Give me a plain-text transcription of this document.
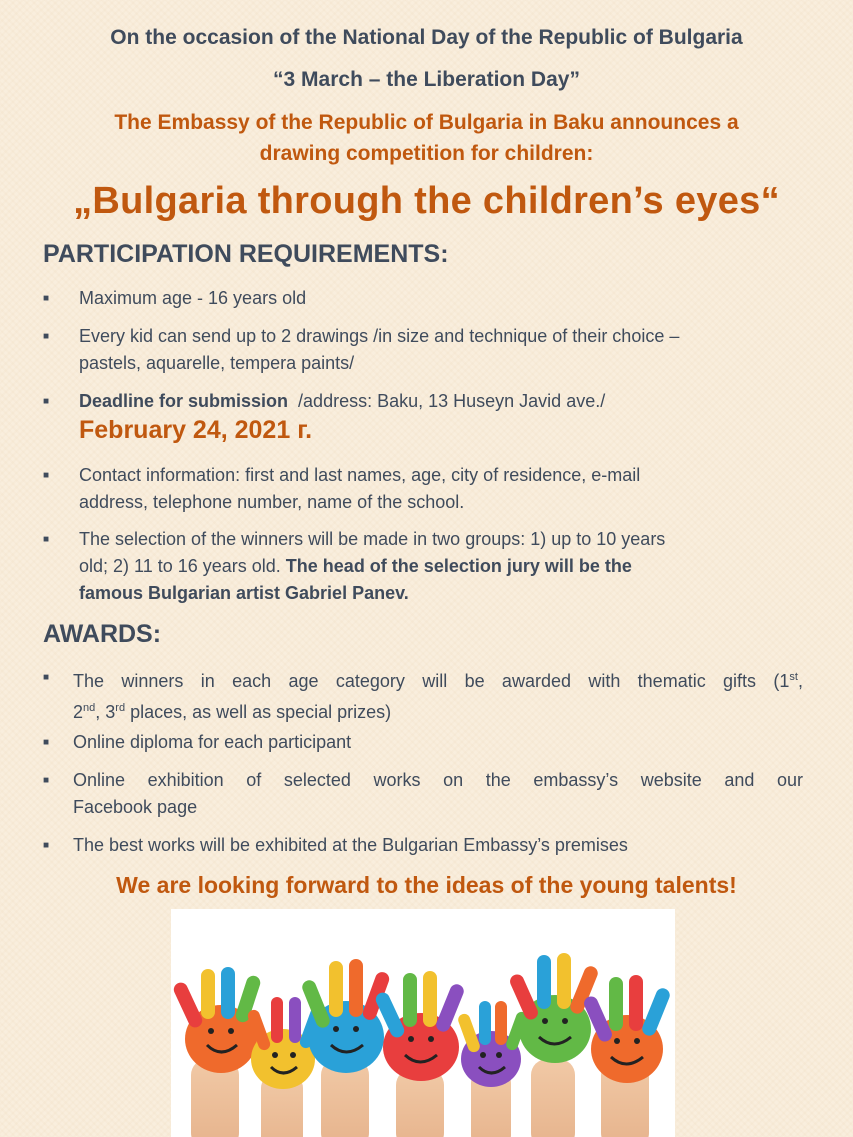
On the occasion of the National Day of the Republic of Bulgaria
“3 March – the Liberation Day”
The Embassy of the Republic of Bulgaria in Baku announces a
drawing competition for children:
„Bulgaria through the children’s eyes“
PARTICIPATION REQUIREMENTS:
■ Maximum age - 16 years old
■ Every kid can send up to 2 drawings /in size and technique of their choice –
pastels, aquarelle, tempera paints/
■ Deadline for submission  /address: Baku, 13 Huseyn Javid ave./
February 24, 2021 г.
■ Contact information: first and last names, age, city of residence, e-mail
address, telephone number, name of the school.
■ The selection of the winners will be made in two groups: 1) up to 10 years
old; 2) 11 to 16 years old. The head of the selection jury will be the
famous Bulgarian artist Gabriel Panev.
AWARDS:
■ The winners in each age category will be awarded with thematic gifts (1st,
2nd, 3rd places, as well as special prizes)
■ Online diploma for each participant
■ Online exhibition of selected works on the embassy’s website and our
Facebook page
■ The best works will be exhibited at the Bulgarian Embassy’s premises
We are looking forward to the ideas of the young talents!
